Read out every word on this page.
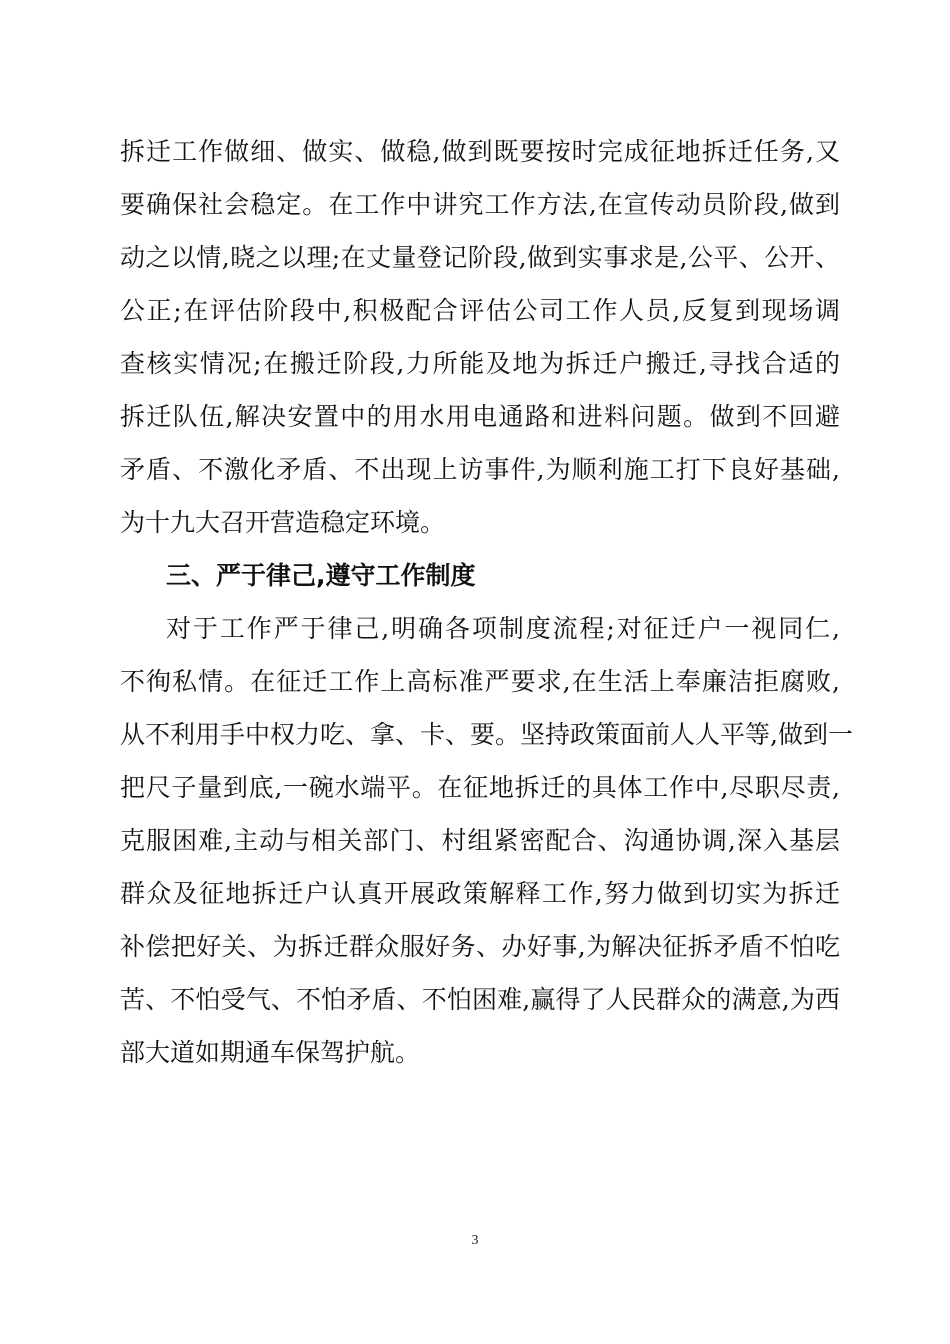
拆迁工作做细、做实、做稳,做到既要按时完成征地拆迁任务,又
要确保社会稳定。在工作中讲究工作方法,在宣传动员阶段,做到
动之以情,晓之以理;在丈量登记阶段,做到实事求是,公平、公开、
公正;在评估阶段中,积极配合评估公司工作人员,反复到现场调
查核实情况;在搬迁阶段,力所能及地为拆迁户搬迁,寻找合适的
拆迁队伍,解决安置中的用水用电通路和进料问题。做到不回避
矛盾、不激化矛盾、不出现上访事件,为顺利施工打下良好基础,
为十九大召开营造稳定环境。
三、严于律己,遵守工作制度
对于工作严于律己,明确各项制度流程;对征迁户一视同仁,
不徇私情。在征迁工作上高标准严要求,在生活上奉廉洁拒腐败,
从不利用手中权力吃、拿、卡、要。坚持政策面前人人平等,做到一
把尺子量到底,一碗水端平。在征地拆迁的具体工作中,尽职尽责,
克服困难,主动与相关部门、村组紧密配合、沟通协调,深入基层
群众及征地拆迁户认真开展政策解释工作,努力做到切实为拆迁
补偿把好关、为拆迁群众服好务、办好事,为解决征拆矛盾不怕吃
苦、不怕受气、不怕矛盾、不怕困难,赢得了人民群众的满意,为西
部大道如期通车保驾护航。
3
